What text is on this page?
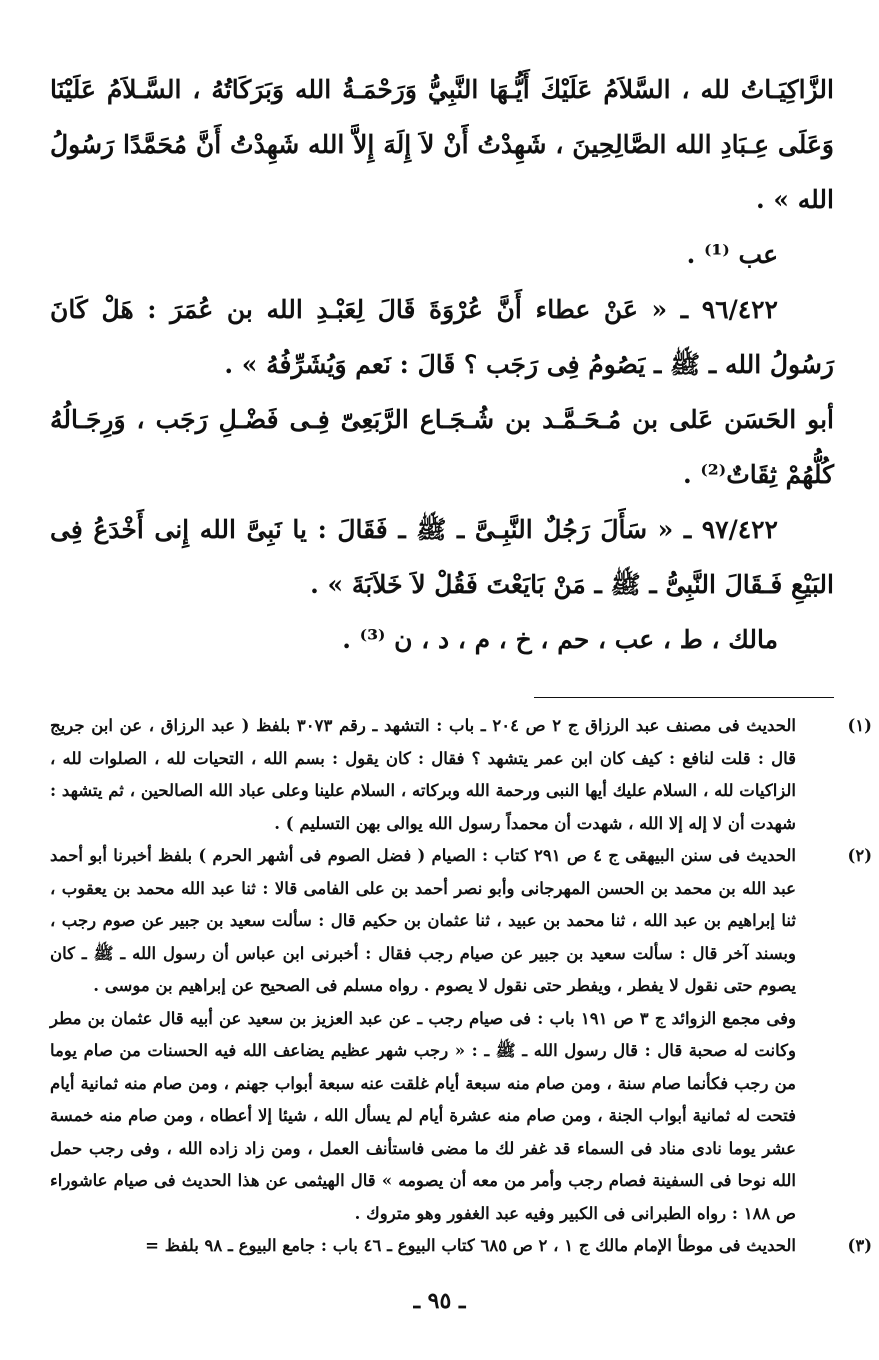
الزَّاكِيَـاتُ لله ، السَّلاَمُ عَلَيْكَ أَيُّـهَا النَّبِيُّ وَرَحْمَـةُ الله وَبَرَكَاتُهُ ، السَّـلاَمُ عَلَيْنَا وَعَلَى عِـبَادِ الله الصَّالِحِينَ ، شَهِدْتُ أَنْ لاَ إِلَهَ إِلاَّ الله شَهِدْتُ أَنَّ مُحَمَّدًا رَسُولُ الله » .

عب ⁽¹⁾ .

٩٦/٤٢٢ ـ « عَنْ عطاء أَنَّ عُرْوَةَ قَالَ لِعَبْـدِ الله بن عُمَرَ : هَلْ كَانَ رَسُولُ الله ـ ﷺ ـ يَصُومُ فِى رَجَب ؟ قَالَ : نَعم وَيُشَرِّفُهُ » .

أبو الحَسَن عَلى بن مُـحَـمَّـد بن شُـجَـاع الرَّبَعِىّ فِـى فَضْـلِ رَجَب ، وَرِجَـالُهُ كُلُّهُمْ ثِقَاتٌ⁽²⁾ .

٩٧/٤٢٢ ـ « سَأَلَ رَجُلٌ النَّبِـىَّ ـ ﷺ ـ فَقَالَ : يا نَبِىَّ الله إِنى أَخْدَعُ فِى البَيْعِ فَـقَالَ النَّبِىُّ ـ ﷺ ـ مَنْ بَايَعْتَ فَقُلْ لاَ خَلاَبَةَ » .

مالك ، ط ، عب ، حم ، خ ، م ، د ، ن ⁽³⁾ .

(١)الحديث فى مصنف عبد الرزاق ج ٢ ص ٢٠٤ ـ باب : التشهد ـ رقم ٣٠٧٣ بلفظ ( عبد الرزاق ، عن ابن جريج قال : قلت لنافع : كيف كان ابن عمر يتشهد ؟ فقال : كان يقول : بسم الله ، التحيات لله ، الصلوات لله ، الزاكيات لله ، السلام عليك أيها النبى ورحمة الله وبركاته ، السلام علينا وعلى عباد الله الصالحين ، ثم يتشهد : شهدت أن لا إله إلا الله ، شهدت أن محمداً رسول الله يوالى بهن التسليم ) .

(٢)الحديث فى سنن البيهقى ج ٤ ص ٢٩١ كتاب : الصيام ( فضل الصوم فى أشهر الحرم ) بلفظ أخبرنا أبو أحمد عبد الله بن محمد بن الحسن المهرجانى وأبو نصر أحمد بن على الفامى قالا : ثنا عبد الله محمد بن يعقوب ، ثنا إبراهيم بن عبد الله ، ثنا محمد بن عبيد ، ثنا عثمان بن حكيم قال : سألت سعيد بن جبير عن صوم رجب ، وبسند آخر قال : سألت سعيد بن جبير عن صيام رجب فقال : أخبرنى ابن عباس أن رسول الله ـ ﷺ ـ كان يصوم حتى نقول لا يفطر ، ويفطر حتى نقول لا يصوم . رواه مسلم فى الصحيح عن إبراهيم بن موسى .

وفى مجمع الزوائد ج ٣ ص ١٩١ باب : فى صيام رجب ـ عن عبد العزيز بن سعيد عن أبيه قال عثمان بن مطر وكانت له صحبة قال : قال رسول الله ـ ﷺ ـ : « رجب شهر عظيم يضاعف الله فيه الحسنات من صام يوما من رجب فكأنما صام سنة ، ومن صام منه سبعة أيام غلقت عنه سبعة أبواب جهنم ، ومن صام منه ثمانية أيام فتحت له ثمانية أبواب الجنة ، ومن صام منه عشرة أيام لم يسأل الله ، شيئا إلا أعطاه ، ومن صام منه خمسة عشر يوما نادى مناد فى السماء قد غفر لك ما مضى فاستأنف العمل ، ومن زاد زاده الله ، وفى رجب حمل الله نوحا فى السفينة فصام رجب وأمر من معه أن يصومه » قال الهيثمى عن هذا الحديث فى صيام عاشوراء ص ١٨٨ : رواه الطبرانى فى الكبير وفيه عبد الغفور وهو متروك .

(٣)الحديث فى موطأ الإمام مالك ج ١ ، ٢ ص ٦٨٥ كتاب البيوع ـ ٤٦ باب : جامع البيوع ـ ٩٨ بلفظ =

ـ ٩٥ ـ
